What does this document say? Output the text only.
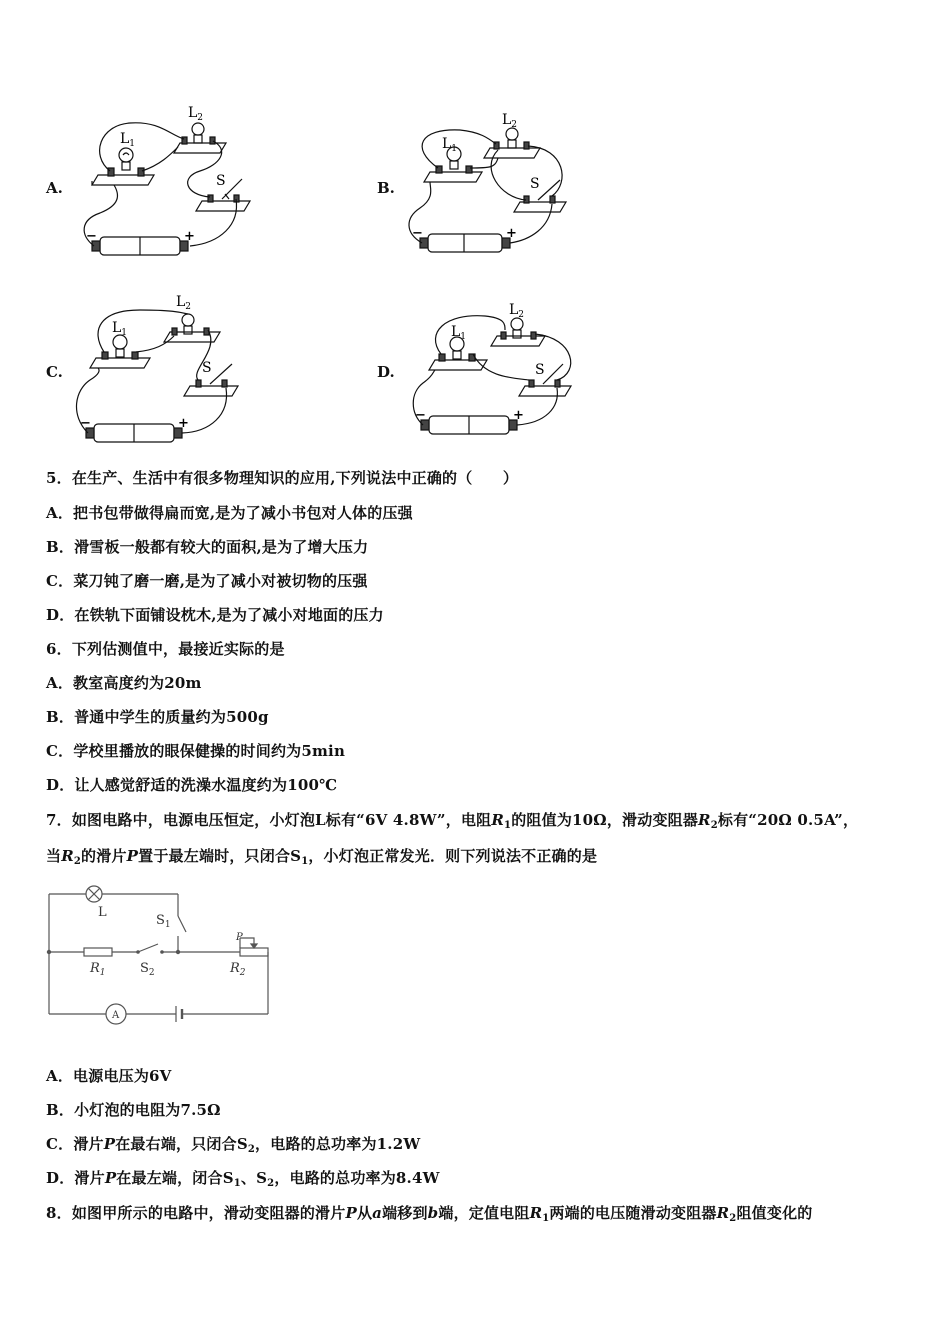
A.	B.
C.	D.
$L_1$
$L_2$
S
−	+
$L_1$
$L_2$
S
−	+
$L_1$
$L_2$
S
−	+
$L_1$
$L_2$
S
−	+
5．在生产、生活中有很多物理知识的应用,下列说法中正确的（　　）
A．把书包带做得扁而宽,是为了减小书包对人体的压强
B．滑雪板一般都有较大的面积,是为了增大压力
C．菜刀钝了磨一磨,是为了减小对被切物的压强
D．在铁轨下面铺设枕木,是为了减小对地面的压力
6．下列估测值中，最接近实际的是
A．教室高度约为20m
B．普通中学生的质量约为500g
C．学校里播放的眼保健操的时间约为5min
D．让人感觉舒适的洗澡水温度约为100℃
7．如图电路中，电源电压恒定，小灯泡L标有“6V 4.8W”，电阻$R_1$的阻值为10Ω，滑动变阻器$R_2$标有“20Ω 0.5A”，
当$R_2$的滑片P置于最左端时，只闭合$S_1$，小灯泡正常发光．则下列说法不正确的是
L
$S_1$
$S_2$
$R_1$	$R_2$
P
A
A．电源电压为6V
B．小灯泡的电阻为7.5Ω
C．滑片P在最右端，只闭合$S_2$，电路的总功率为1.2W
D．滑片P在最左端，闭合$S_1$、$S_2$，电路的总功率为8.4W
8．如图甲所示的电路中，滑动变阻器的滑片P从a端移到b端，定值电阻$R_1$两端的电压随滑动变阻器$R_2$阻值变化的
